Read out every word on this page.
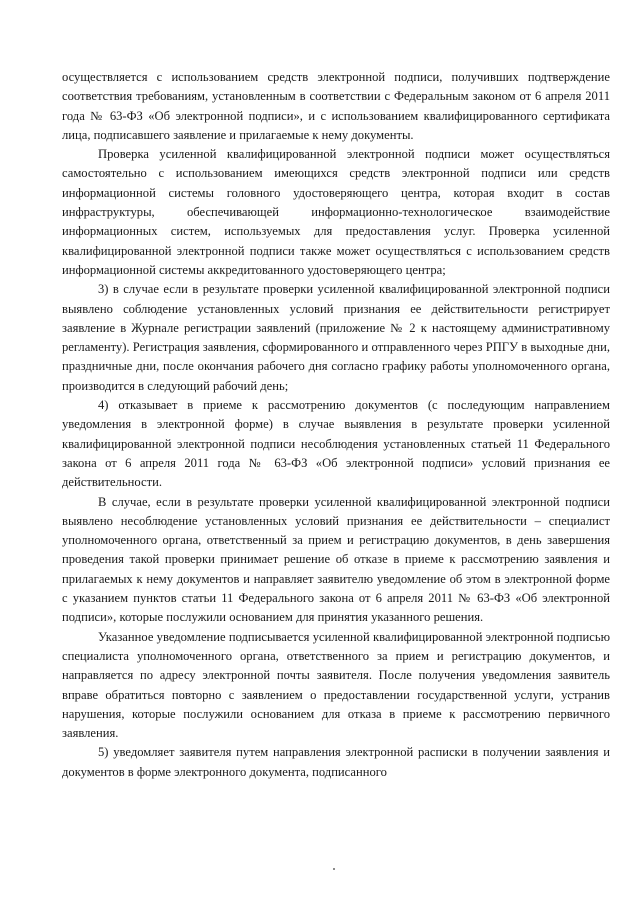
осуществляется с использованием средств электронной подписи, получивших подтверждение соответствия требованиям, установленным в соответствии с Федеральным законом от 6 апреля 2011 года № 63-ФЗ «Об электронной подписи», и с использованием квалифицированного сертификата лица, подписавшего заявление и прилагаемые к нему документы.

Проверка усиленной квалифицированной электронной подписи может осуществляться самостоятельно с использованием имеющихся средств электронной подписи или средств информационной системы головного удостоверяющего центра, которая входит в состав инфраструктуры, обеспечивающей информационно-технологическое взаимодействие информационных систем, используемых для предоставления услуг. Проверка усиленной квалифицированной электронной подписи также может осуществляться с использованием средств информационной системы аккредитованного удостоверяющего центра;

3) в случае если в результате проверки усиленной квалифицированной электронной подписи выявлено соблюдение установленных условий признания ее действительности регистрирует заявление в Журнале регистрации заявлений (приложение № 2 к настоящему административному регламенту). Регистрация заявления, сформированного и отправленного через РПГУ в выходные дни, праздничные дни, после окончания рабочего дня согласно графику работы уполномоченного органа, производится в следующий рабочий день;

4) отказывает в приеме к рассмотрению документов (с последующим направлением уведомления в электронной форме) в случае выявления в результате проверки усиленной квалифицированной электронной подписи несоблюдения установленных статьей 11 Федерального закона от 6 апреля 2011 года № 63-ФЗ «Об электронной подписи» условий признания ее действительности.

В случае, если в результате проверки усиленной квалифицированной электронной подписи выявлено несоблюдение установленных условий признания ее действительности – специалист уполномоченного органа, ответственный за прием и регистрацию документов, в день завершения проведения такой проверки принимает решение об отказе в приеме к рассмотрению заявления и прилагаемых к нему документов и направляет заявителю уведомление об этом в электронной форме с указанием пунктов статьи 11 Федерального закона от 6 апреля 2011 № 63-ФЗ «Об электронной подписи», которые послужили основанием для принятия указанного решения.

Указанное уведомление подписывается усиленной квалифицированной электронной подписью специалиста уполномоченного органа, ответственного за прием и регистрацию документов, и направляется по адресу электронной почты заявителя. После получения уведомления заявитель вправе обратиться повторно с заявлением о предоставлении государственной услуги, устранив нарушения, которые послужили основанием для отказа в приеме к рассмотрению первичного заявления.

5) уведомляет заявителя путем направления электронной расписки в получении заявления и документов в форме электронного документа, подписанного
